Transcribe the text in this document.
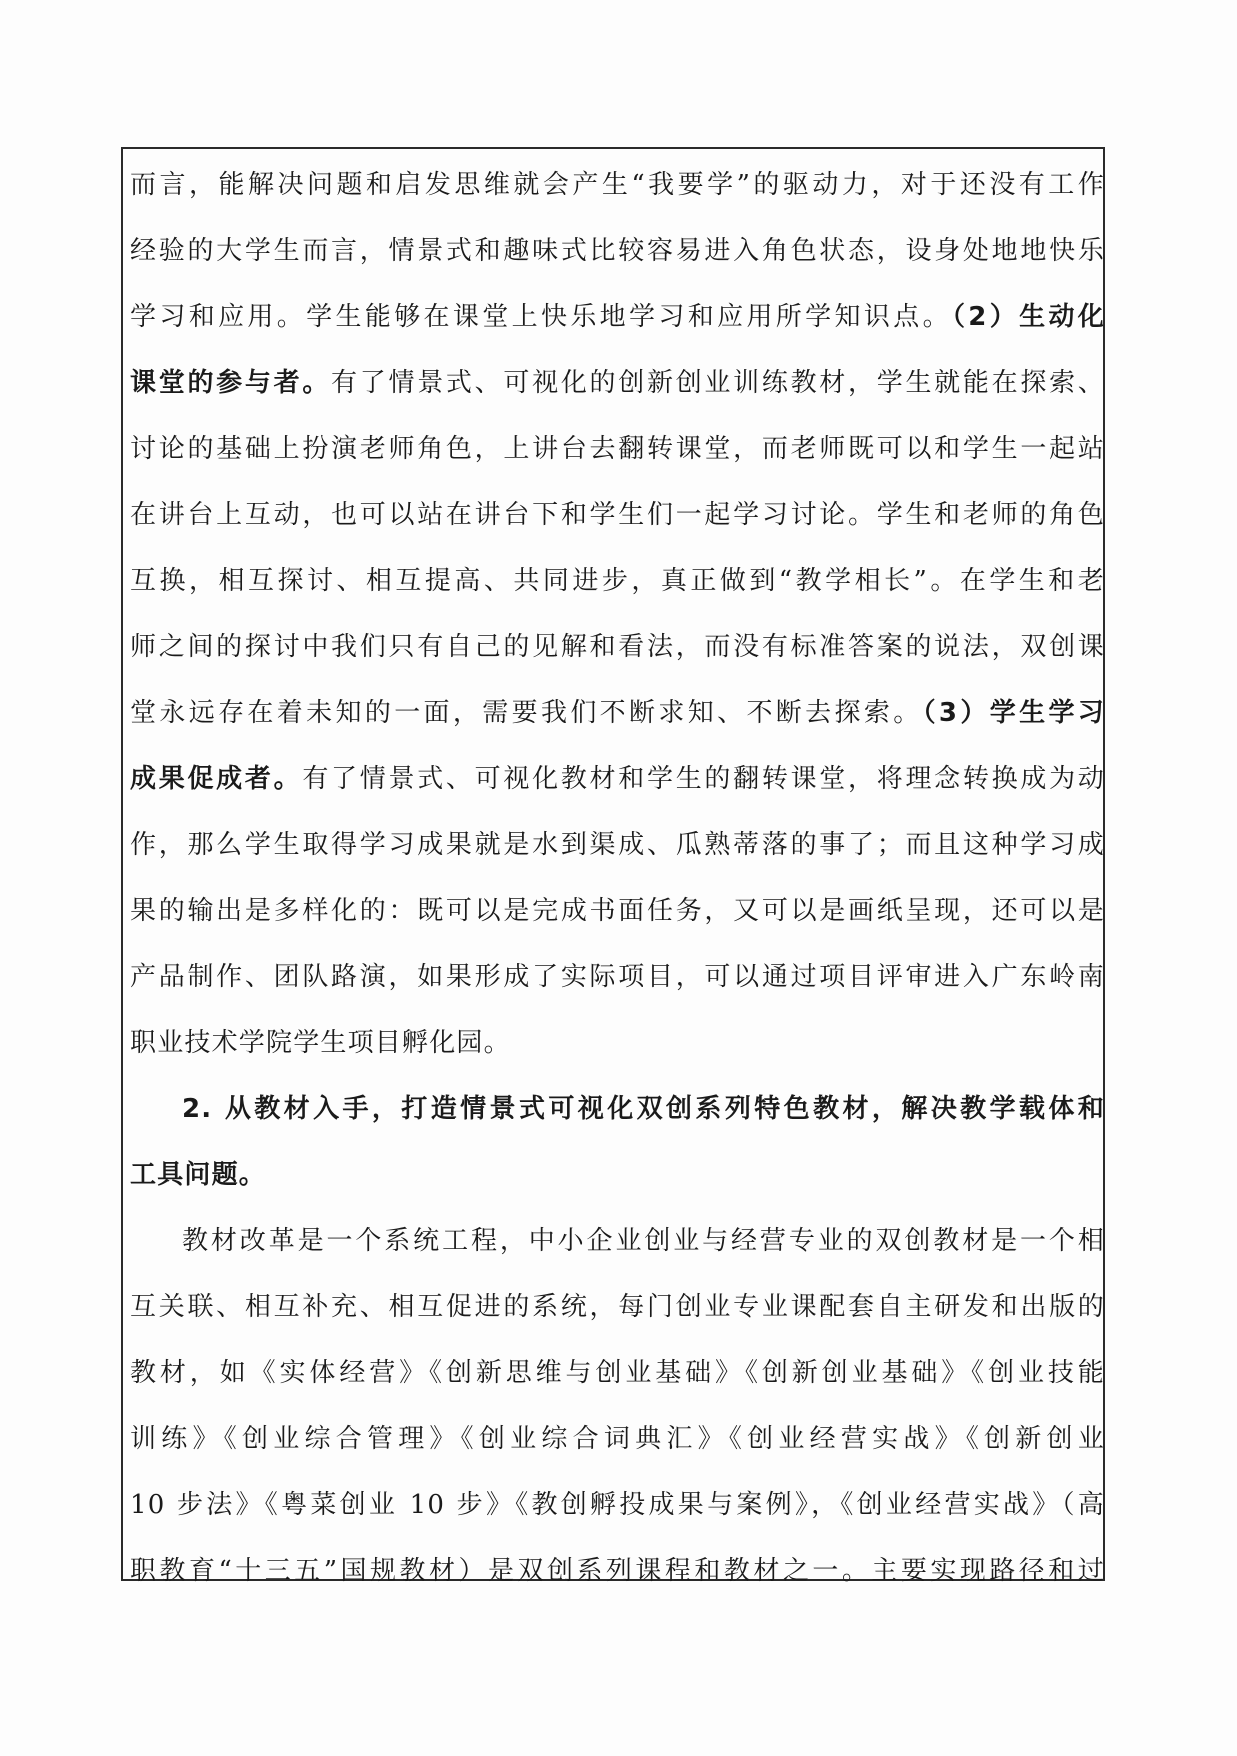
而言，能解决问题和启发思维就会产生“我要学”的驱动力，对于还没有工作
经验的大学生而言，情景式和趣味式比较容易进入角色状态，设身处地地快乐
学习和应用。学生能够在课堂上快乐地学习和应用所学知识点。（2）生动化
课堂的参与者。有了情景式、可视化的创新创业训练教材，学生就能在探索、
讨论的基础上扮演老师角色，上讲台去翻转课堂，而老师既可以和学生一起站
在讲台上互动，也可以站在讲台下和学生们一起学习讨论。学生和老师的角色
互换，相互探讨、相互提高、共同进步，真正做到“教学相长”。在学生和老
师之间的探讨中我们只有自己的见解和看法，而没有标准答案的说法，双创课
堂永远存在着未知的一面，需要我们不断求知、不断去探索。（3）学生学习
成果促成者。有了情景式、可视化教材和学生的翻转课堂，将理念转换成为动
作，那么学生取得学习成果就是水到渠成、瓜熟蒂落的事了；而且这种学习成
果的输出是多样化的：既可以是完成书面任务，又可以是画纸呈现，还可以是
产品制作、团队路演，如果形成了实际项目，可以通过项目评审进入广东岭南
职业技术学院学生项目孵化园。
2. 从教材入手，打造情景式可视化双创系列特色教材，解决教学载体和
工具问题。
教材改革是一个系统工程，中小企业创业与经营专业的双创教材是一个相
互关联、相互补充、相互促进的系统，每门创业专业课配套自主研发和出版的
教材，如《实体经营》《创新思维与创业基础》《创新创业基础》《创业技能
训练》《创业综合管理》《创业综合词典汇》《创业经营实战》《创新创业
10 步法》《粤菜创业 10 步》《教创孵投成果与案例》，《创业经营实战》（高
职教育“十三五”国规教材）是双创系列课程和教材之一。主要实现路径和过
